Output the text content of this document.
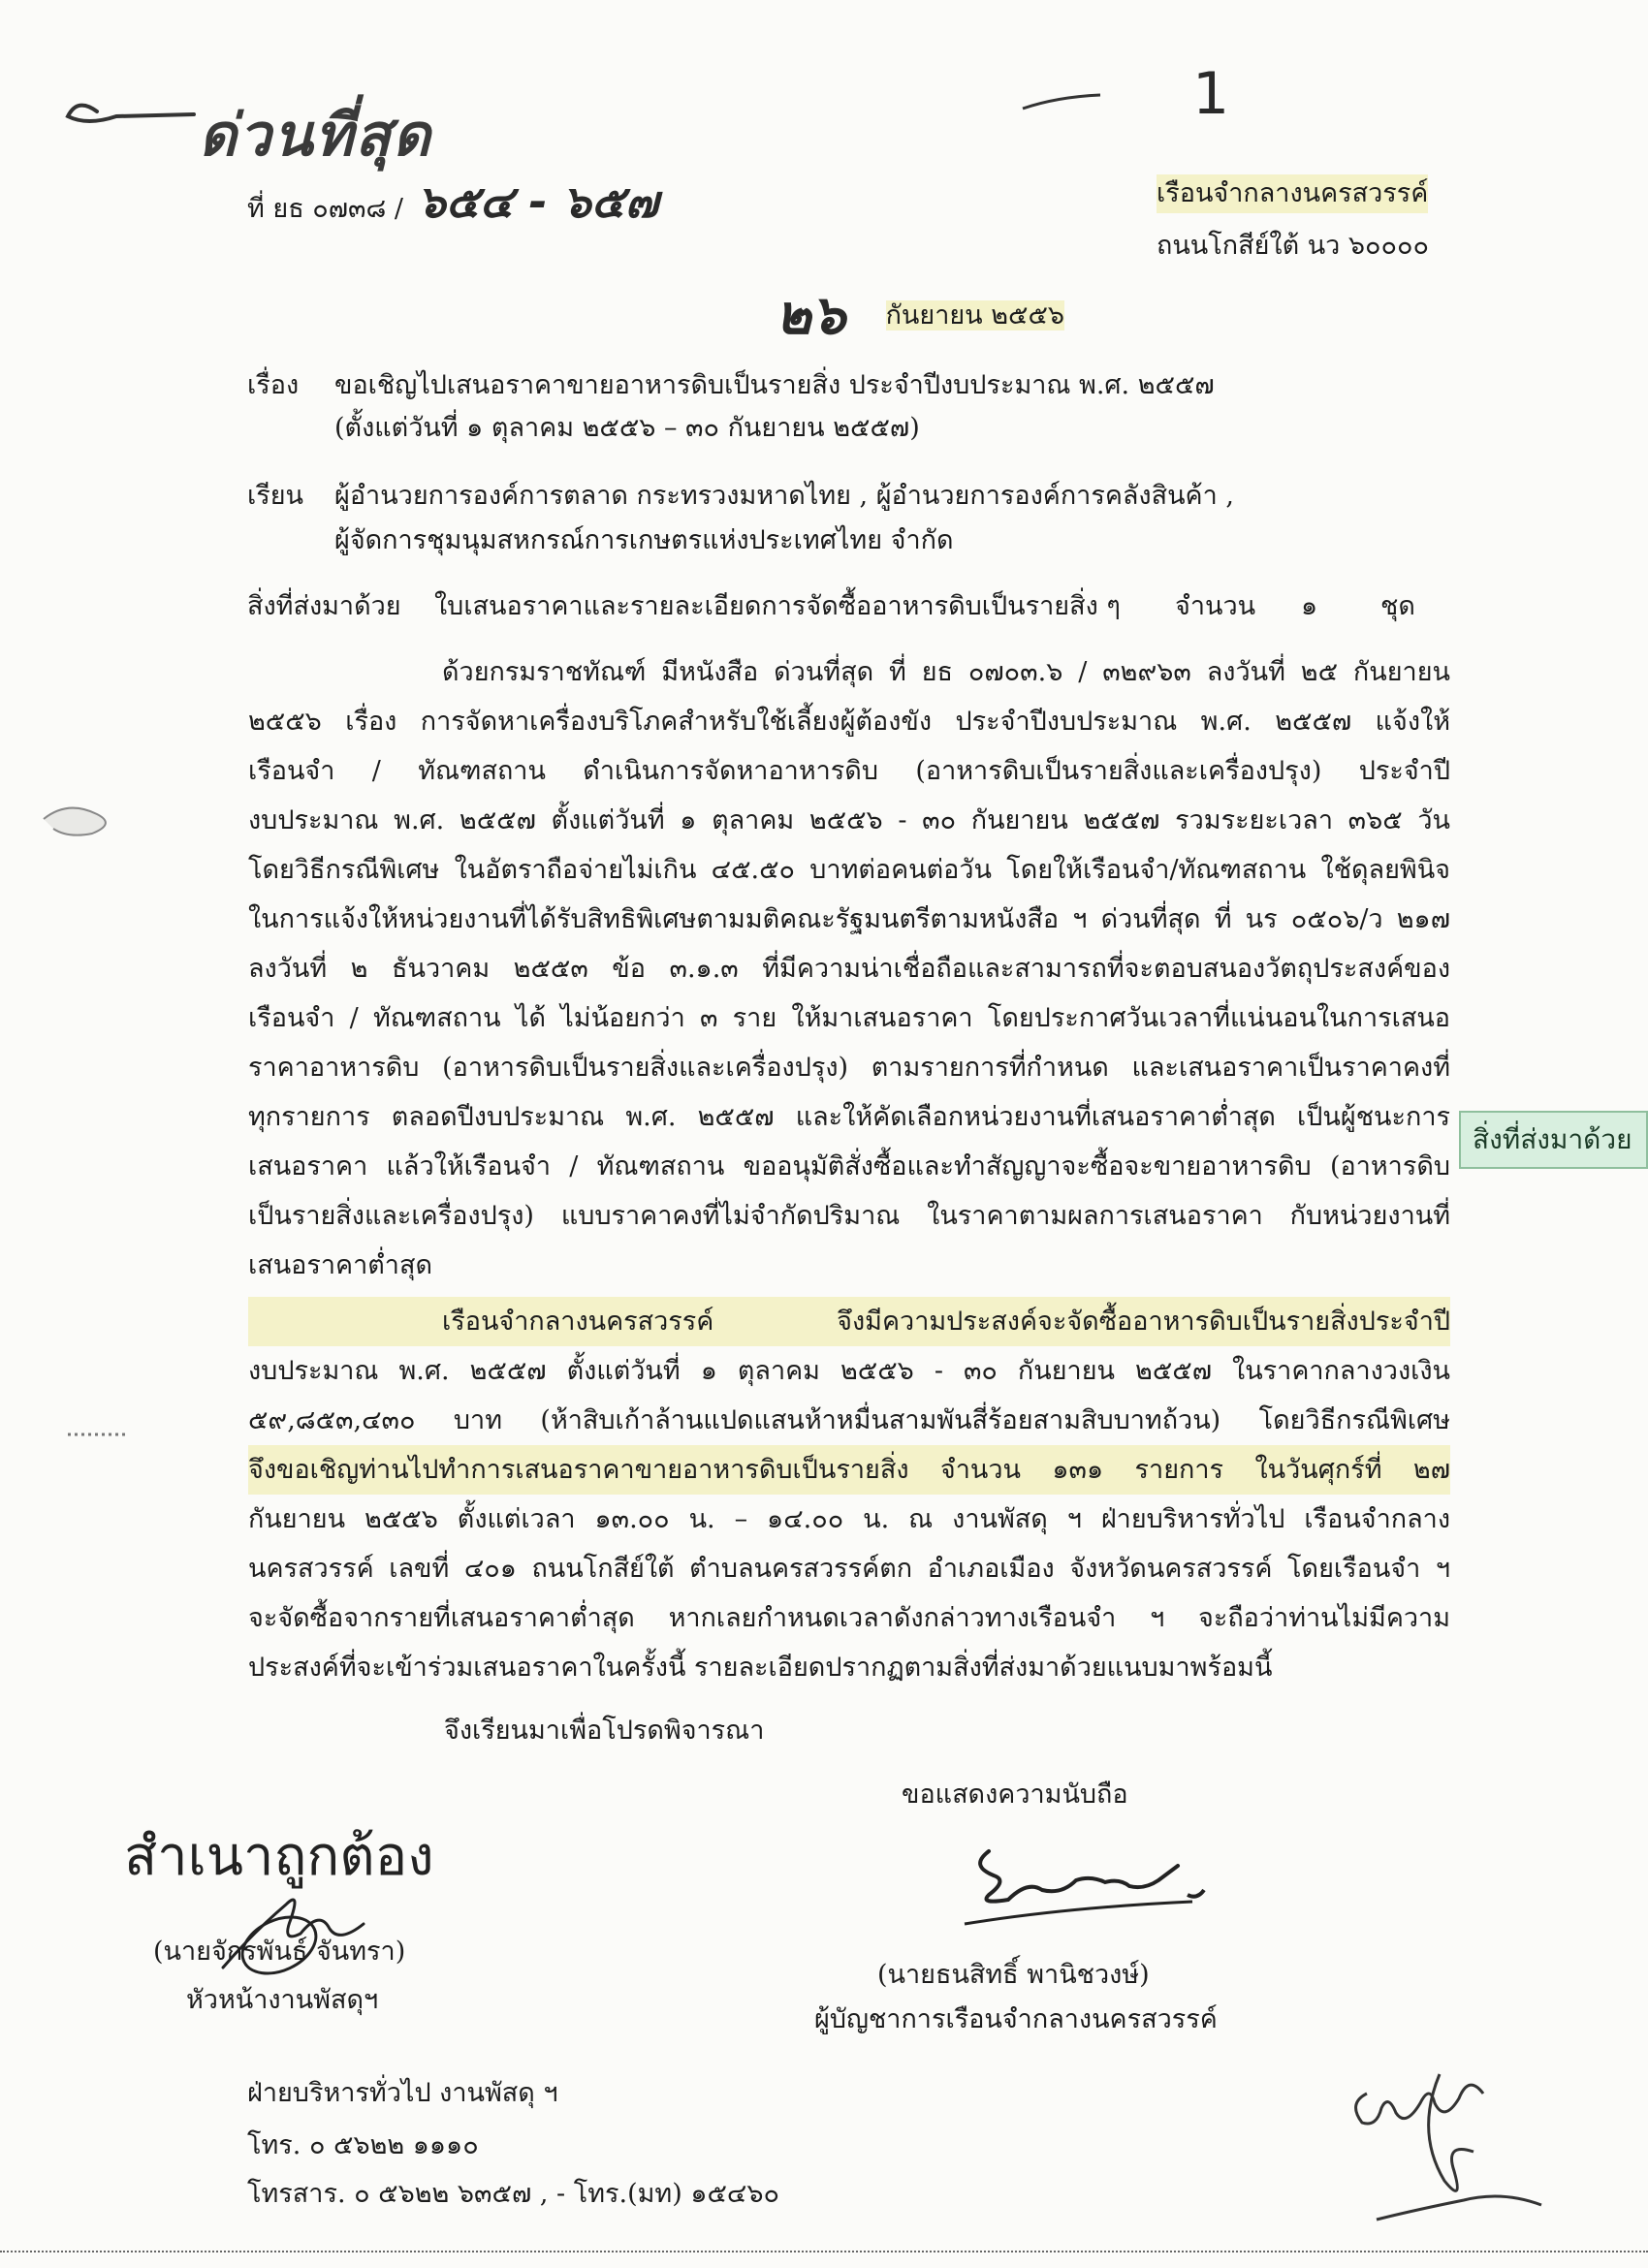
ด่วนที่สุด
ที่ ยธ ๐๗๓๘ / ๖๕๔ - ๖๕๗
1
เรือนจำกลางนครสวรรค์
ถนนโกสีย์ใต้ นว ๖๐๐๐๐
๒๖ กันยายน ๒๕๕๖
เรื่อง ขอเชิญไปเสนอราคาขายอาหารดิบเป็นรายสิ่ง ประจำปีงบประมาณ พ.ศ. ๒๕๕๗
(ตั้งแต่วันที่ ๑ ตุลาคม ๒๕๕๖ – ๓๐ กันยายน ๒๕๕๗)
เรียน ผู้อำนวยการองค์การตลาด กระทรวงมหาดไทย , ผู้อำนวยการองค์การคลังสินค้า ,
ผู้จัดการชุมนุมสหกรณ์การเกษตรแห่งประเทศไทย จำกัด
สิ่งที่ส่งมาด้วย ใบเสนอราคาและรายละเอียดการจัดซื้ออาหารดิบเป็นรายสิ่ง ๆ จำนวน ๑ ชุด
ด้วยกรมราชทัณฑ์ มีหนังสือ ด่วนที่สุด ที่ ยธ ๐๗๐๓.๖ / ๓๒๙๖๓ ลงวันที่ ๒๕ กันยายน
๒๕๕๖ เรื่อง การจัดหาเครื่องบริโภคสำหรับใช้เลี้ยงผู้ต้องขัง ประจำปีงบประมาณ พ.ศ. ๒๕๕๗ แจ้งให้
เรือนจำ / ทัณฑสถาน ดำเนินการจัดหาอาหารดิบ (อาหารดิบเป็นรายสิ่งและเครื่องปรุง) ประจำปี
งบประมาณ พ.ศ. ๒๕๕๗ ตั้งแต่วันที่ ๑ ตุลาคม ๒๕๕๖ - ๓๐ กันยายน ๒๕๕๗ รวมระยะเวลา ๓๖๕ วัน
โดยวิธีกรณีพิเศษ ในอัตราถือจ่ายไม่เกิน ๔๕.๕๐ บาทต่อคนต่อวัน โดยให้เรือนจำ/ทัณฑสถาน ใช้ดุลยพินิจ
ในการแจ้งให้หน่วยงานที่ได้รับสิทธิพิเศษตามมติคณะรัฐมนตรีตามหนังสือ ฯ ด่วนที่สุด ที่ นร ๐๕๐๖/ว ๒๑๗
ลงวันที่ ๒ ธันวาคม ๒๕๕๓ ข้อ ๓.๑.๓ ที่มีความน่าเชื่อถือและสามารถที่จะตอบสนองวัตถุประสงค์ของ
เรือนจำ / ทัณฑสถาน ได้ ไม่น้อยกว่า ๓ ราย ให้มาเสนอราคา โดยประกาศวันเวลาที่แน่นอนในการเสนอ
ราคาอาหารดิบ (อาหารดิบเป็นรายสิ่งและเครื่องปรุง) ตามรายการที่กำหนด และเสนอราคาเป็นราคาคงที่
ทุกรายการ ตลอดปีงบประมาณ พ.ศ. ๒๕๕๗ และให้คัดเลือกหน่วยงานที่เสนอราคาต่ำสุด เป็นผู้ชนะการ
เสนอราคา แล้วให้เรือนจำ / ทัณฑสถาน ขออนุมัติสั่งซื้อและทำสัญญาจะซื้อจะขายอาหารดิบ (อาหารดิบ
เป็นรายสิ่งและเครื่องปรุง) แบบราคาคงที่ไม่จำกัดปริมาณ ในราคาตามผลการเสนอราคา กับหน่วยงานที่
เสนอราคาต่ำสุด
เรือนจำกลางนครสวรรค์ จึงมีความประสงค์จะจัดซื้ออาหารดิบเป็นรายสิ่งประจำปี
งบประมาณ พ.ศ. ๒๕๕๗ ตั้งแต่วันที่ ๑ ตุลาคม ๒๕๕๖ - ๓๐ กันยายน ๒๕๕๗ ในราคากลางวงเงิน
๕๙,๘๕๓,๔๓๐ บาท (ห้าสิบเก้าล้านแปดแสนห้าหมื่นสามพันสี่ร้อยสามสิบบาทถ้วน) โดยวิธีกรณีพิเศษ
จึงขอเชิญท่านไปทำการเสนอราคาขายอาหารดิบเป็นรายสิ่ง จำนวน ๑๓๑ รายการ ในวันศุกร์ที่ ๒๗
กันยายน ๒๕๕๖ ตั้งแต่เวลา ๑๓.๐๐ น. – ๑๔.๐๐ น. ณ งานพัสดุ ฯ ฝ่ายบริหารทั่วไป เรือนจำกลาง
นครสวรรค์ เลขที่ ๔๐๑ ถนนโกสีย์ใต้ ตำบลนครสวรรค์ตก อำเภอเมือง จังหวัดนครสวรรค์ โดยเรือนจำ ฯ
จะจัดซื้อจากรายที่เสนอราคาต่ำสุด หากเลยกำหนดเวลาดังกล่าวทางเรือนจำ ฯ จะถือว่าท่านไม่มีความ
ประสงค์ที่จะเข้าร่วมเสนอราคาในครั้งนี้ รายละเอียดปรากฏตามสิ่งที่ส่งมาด้วยแนบมาพร้อมนี้
จึงเรียนมาเพื่อโปรดพิจารณา
ขอแสดงความนับถือ
(นายธนสิทธิ์ พานิชวงษ์)
ผู้บัญชาการเรือนจำกลางนครสวรรค์
สำเนาถูกต้อง
(นายจักรพันธ์ จันทรา)
หัวหน้างานพัสดุฯ
ฝ่ายบริหารทั่วไป งานพัสดุ ฯ
โทร. ๐ ๕๖๒๒ ๑๑๑๐
โทรสาร. ๐ ๕๖๒๒ ๖๓๕๗ , - โทร.(มท) ๑๕๔๖๐
สิ่งที่ส่งมาด้วย
